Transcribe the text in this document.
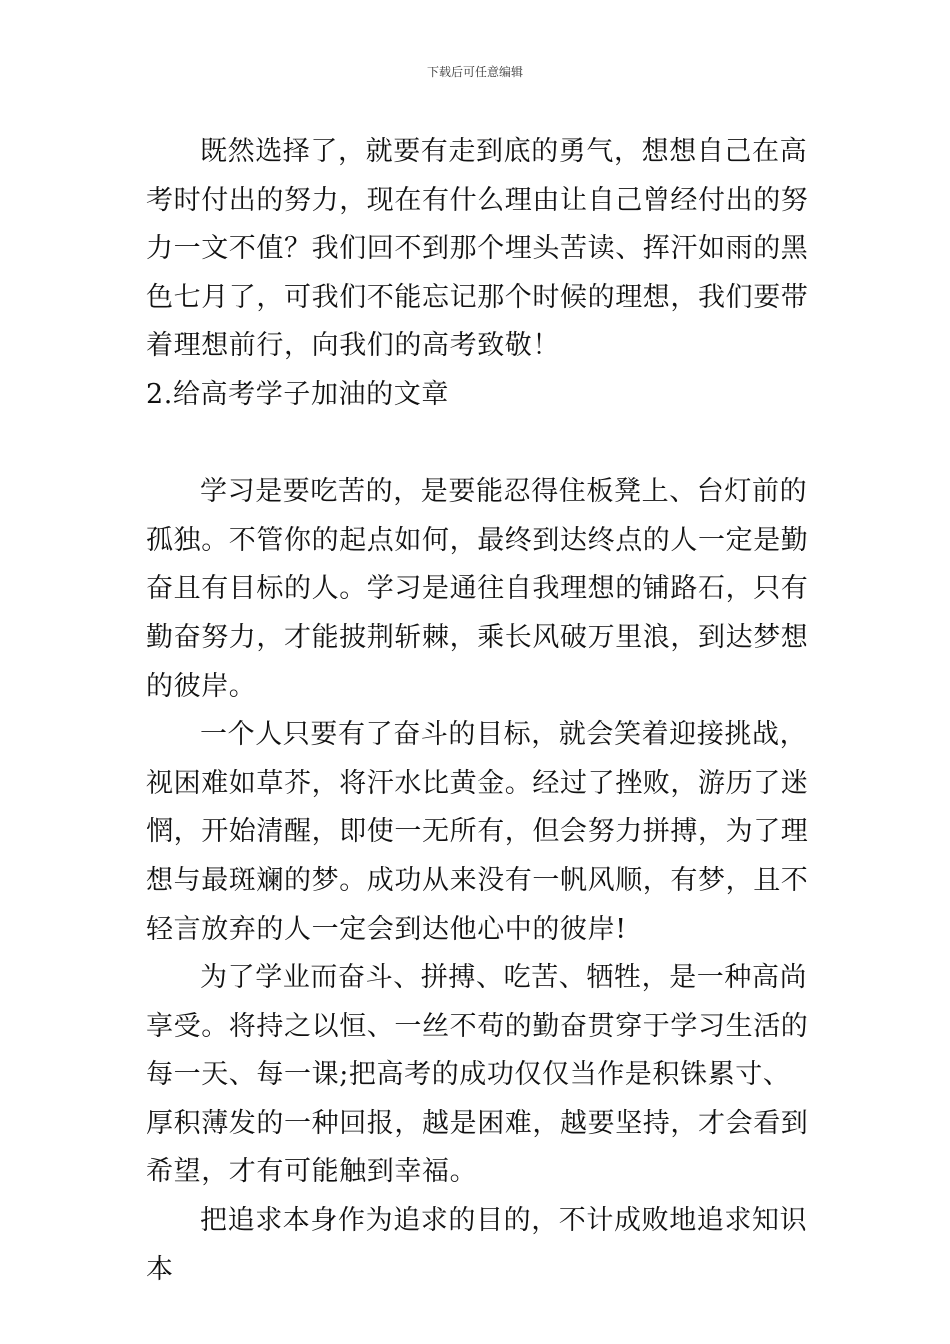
下载后可任意编辑

既然选择了，就要有走到底的勇气，想想自己在高考时付出的努力，现在有什么理由让自己曾经付出的努力一文不值？我们回不到那个埋头苦读、挥汗如雨的黑色七月了，可我们不能忘记那个时候的理想，我们要带着理想前行，向我们的高考致敬！

2.给高考学子加油的文章

学习是要吃苦的，是要能忍得住板凳上、台灯前的孤独。不管你的起点如何，最终到达终点的人一定是勤奋且有目标的人。学习是通往自我理想的铺路石，只有勤奋努力，才能披荆斩棘，乘长风破万里浪，到达梦想的彼岸。

一个人只要有了奋斗的目标，就会笑着迎接挑战，视困难如草芥，将汗水比黄金。经过了挫败，游历了迷惘，开始清醒，即使一无所有，但会努力拼搏，为了理想与最斑斓的梦。成功从来没有一帆风顺，有梦，且不轻言放弃的人一定会到达他心中的彼岸!

为了学业而奋斗、拼搏、吃苦、牺牲，是一种高尚享受。将持之以恒、一丝不苟的勤奋贯穿于学习生活的每一天、每一课;把高考的成功仅仅当作是积铢累寸、厚积薄发的一种回报，越是困难，越要坚持，才会看到希望，才有可能触到幸福。

把追求本身作为追求的目的，不计成败地追求知识本
